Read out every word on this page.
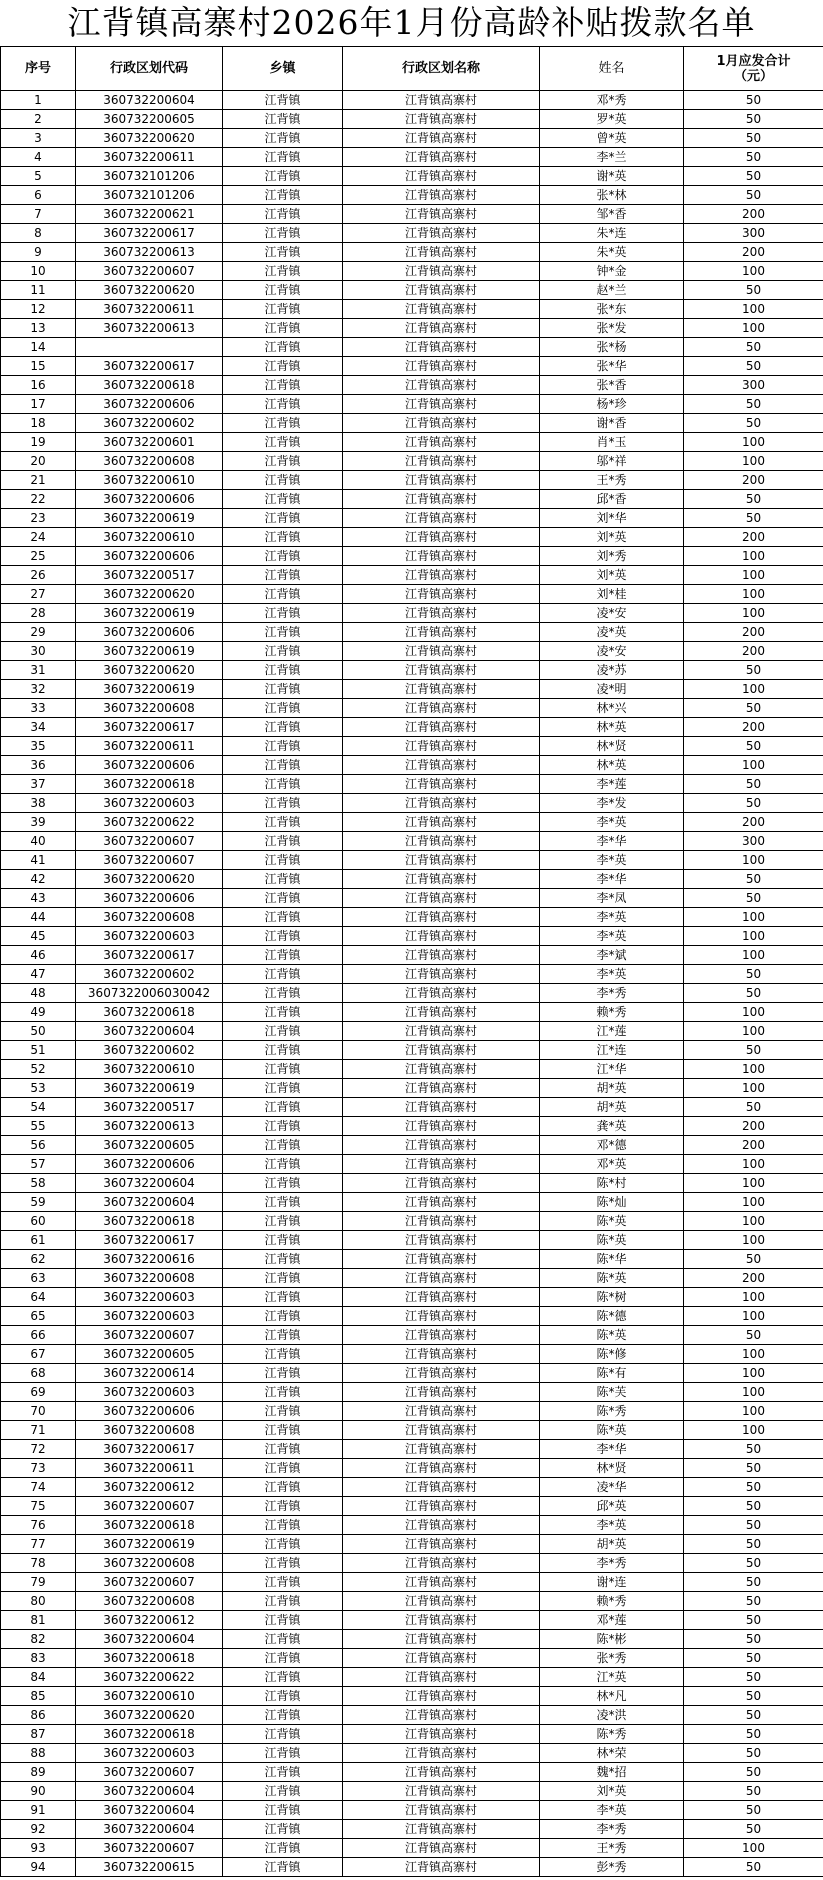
江背镇高寨村2026年1月份高龄补贴拨款名单
序号	行政区划代码	乡镇	行政区划名称	姓名	1月应发合计
（元）
1	360732200604	江背镇	江背镇高寨村	邓*秀	50
2	360732200605	江背镇	江背镇高寨村	罗*英	50
3	360732200620	江背镇	江背镇高寨村	曾*英	50
4	360732200611	江背镇	江背镇高寨村	李*兰	50
5	360732101206	江背镇	江背镇高寨村	谢*英	50
6	360732101206	江背镇	江背镇高寨村	张*林	50
7	360732200621	江背镇	江背镇高寨村	邹*香	200
8	360732200617	江背镇	江背镇高寨村	朱*连	300
9	360732200613	江背镇	江背镇高寨村	朱*英	200
10	360732200607	江背镇	江背镇高寨村	钟*金	100
11	360732200620	江背镇	江背镇高寨村	赵*兰	50
12	360732200611	江背镇	江背镇高寨村	张*东	100
13	360732200613	江背镇	江背镇高寨村	张*发	100
14		江背镇	江背镇高寨村	张*杨	50
15	360732200617	江背镇	江背镇高寨村	张*华	50
16	360732200618	江背镇	江背镇高寨村	张*香	300
17	360732200606	江背镇	江背镇高寨村	杨*珍	50
18	360732200602	江背镇	江背镇高寨村	谢*香	50
19	360732200601	江背镇	江背镇高寨村	肖*玉	100
20	360732200608	江背镇	江背镇高寨村	邬*祥	100
21	360732200610	江背镇	江背镇高寨村	王*秀	200
22	360732200606	江背镇	江背镇高寨村	邱*香	50
23	360732200619	江背镇	江背镇高寨村	刘*华	50
24	360732200610	江背镇	江背镇高寨村	刘*英	200
25	360732200606	江背镇	江背镇高寨村	刘*秀	100
26	360732200517	江背镇	江背镇高寨村	刘*英	100
27	360732200620	江背镇	江背镇高寨村	刘*桂	100
28	360732200619	江背镇	江背镇高寨村	凌*安	100
29	360732200606	江背镇	江背镇高寨村	凌*英	200
30	360732200619	江背镇	江背镇高寨村	凌*安	200
31	360732200620	江背镇	江背镇高寨村	凌*苏	50
32	360732200619	江背镇	江背镇高寨村	凌*明	100
33	360732200608	江背镇	江背镇高寨村	林*兴	50
34	360732200617	江背镇	江背镇高寨村	林*英	200
35	360732200611	江背镇	江背镇高寨村	林*贤	50
36	360732200606	江背镇	江背镇高寨村	林*英	100
37	360732200618	江背镇	江背镇高寨村	李*莲	50
38	360732200603	江背镇	江背镇高寨村	李*发	50
39	360732200622	江背镇	江背镇高寨村	李*英	200
40	360732200607	江背镇	江背镇高寨村	李*华	300
41	360732200607	江背镇	江背镇高寨村	李*英	100
42	360732200620	江背镇	江背镇高寨村	李*华	50
43	360732200606	江背镇	江背镇高寨村	李*凤	50
44	360732200608	江背镇	江背镇高寨村	李*英	100
45	360732200603	江背镇	江背镇高寨村	李*英	100
46	360732200617	江背镇	江背镇高寨村	李*斌	100
47	360732200602	江背镇	江背镇高寨村	李*英	50
48	3607322006030042	江背镇	江背镇高寨村	李*秀	50
49	360732200618	江背镇	江背镇高寨村	赖*秀	100
50	360732200604	江背镇	江背镇高寨村	江*莲	100
51	360732200602	江背镇	江背镇高寨村	江*连	50
52	360732200610	江背镇	江背镇高寨村	江*华	100
53	360732200619	江背镇	江背镇高寨村	胡*英	100
54	360732200517	江背镇	江背镇高寨村	胡*英	50
55	360732200613	江背镇	江背镇高寨村	龚*英	200
56	360732200605	江背镇	江背镇高寨村	邓*德	200
57	360732200606	江背镇	江背镇高寨村	邓*英	100
58	360732200604	江背镇	江背镇高寨村	陈*村	100
59	360732200604	江背镇	江背镇高寨村	陈*灿	100
60	360732200618	江背镇	江背镇高寨村	陈*英	100
61	360732200617	江背镇	江背镇高寨村	陈*英	100
62	360732200616	江背镇	江背镇高寨村	陈*华	50
63	360732200608	江背镇	江背镇高寨村	陈*英	200
64	360732200603	江背镇	江背镇高寨村	陈*树	100
65	360732200603	江背镇	江背镇高寨村	陈*德	100
66	360732200607	江背镇	江背镇高寨村	陈*英	50
67	360732200605	江背镇	江背镇高寨村	陈*修	100
68	360732200614	江背镇	江背镇高寨村	陈*有	100
69	360732200603	江背镇	江背镇高寨村	陈*芙	100
70	360732200606	江背镇	江背镇高寨村	陈*秀	100
71	360732200608	江背镇	江背镇高寨村	陈*英	100
72	360732200617	江背镇	江背镇高寨村	李*华	50
73	360732200611	江背镇	江背镇高寨村	林*贤	50
74	360732200612	江背镇	江背镇高寨村	凌*华	50
75	360732200607	江背镇	江背镇高寨村	邱*英	50
76	360732200618	江背镇	江背镇高寨村	李*英	50
77	360732200619	江背镇	江背镇高寨村	胡*英	50
78	360732200608	江背镇	江背镇高寨村	李*秀	50
79	360732200607	江背镇	江背镇高寨村	谢*连	50
80	360732200608	江背镇	江背镇高寨村	赖*秀	50
81	360732200612	江背镇	江背镇高寨村	邓*莲	50
82	360732200604	江背镇	江背镇高寨村	陈*彬	50
83	360732200618	江背镇	江背镇高寨村	张*秀	50
84	360732200622	江背镇	江背镇高寨村	江*英	50
85	360732200610	江背镇	江背镇高寨村	林*凡	50
86	360732200620	江背镇	江背镇高寨村	凌*洪	50
87	360732200618	江背镇	江背镇高寨村	陈*秀	50
88	360732200603	江背镇	江背镇高寨村	林*荣	50
89	360732200607	江背镇	江背镇高寨村	魏*招	50
90	360732200604	江背镇	江背镇高寨村	刘*英	50
91	360732200604	江背镇	江背镇高寨村	李*英	50
92	360732200604	江背镇	江背镇高寨村	李*秀	50
93	360732200607	江背镇	江背镇高寨村	王*秀	100
94	360732200615	江背镇	江背镇高寨村	彭*秀	50
